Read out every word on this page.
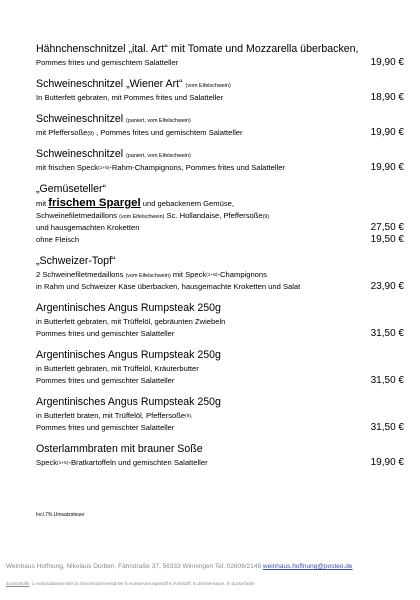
Hähnchenschnitzel „ital. Art“ mit Tomate und Mozzarella überbacken,
Pommes frites und gemischtem Salatteller	19,90 €
Schweineschnitzel „Wiener Art“ (vom Eifelschwein)
In Butterfett gebraten, mit Pommes frites und Salatteller	18,90 €
Schweineschnitzel (paniert, vom Eifelschwein)
mit Pfeffersoße(9) , Pommes frites und gemischtem Salatteller	19,90 €
Schweineschnitzel (paniert, vom Eifelschwein)
mit frischen Speck(1+5)-Rahm-Champignons, Pommes frites und Salatteller	19,90 €
„Gemüseteller“
mit frischem Spargel und gebackenem Gemüse,
Schweinefiletmedaillons (vom Eifelschwein) Sc. Hollandaise, Pfeffersoße(9)
und hausgemachten Kroketten	27,50 €
ohne Fleisch	19,50 €
„Schweizer-Topf“
2 Schweinefiletmedaillons (vom Eifelschwein) mit Speck(1+5)-Champignons
in Rahm und Schweizer Käse überbacken, hausgemachte Kroketten und Salat	23,90 €
Argentinisches Angus Rumpsteak 250g
in Butterfett gebraten, mit Trüffelöl, gebräunten Zwiebeln
Pommes frites und gemischter Salatteller	31,50 €
Argentinisches Angus Rumpsteak 250g
in Butterfett gebraten, mit Trüffelöl, Kräuterbutter
Pommes frites und gemischter Salatteller	31,50 €
Argentinisches Angus Rumpsteak 250g
in Butterfett braten, mit Trüffelöl, Pfeffersoße(9),
Pommes frites und gemischter Salatteller	31,50 €
Osterlammbraten mit brauner Soße
Speck(1+5)-Bratkartoffeln und gemischten Salatteller	19,90 €
Incl.7% Umsatzsteuer
Weinhaus Hoffnung, Nikolaus Durben, Fährstraße 37, 56333 Winningen Tel.:02606/2149 weinhaus.hoffnung@posteo.de
Zusatzstoffe: 1=Antioxidationsmittel 3=Geschmacksverstärker 5=Konservierungsstoff 6=Farbstoff, 8=Zitronensäure, 9=Zuckerfarbe
